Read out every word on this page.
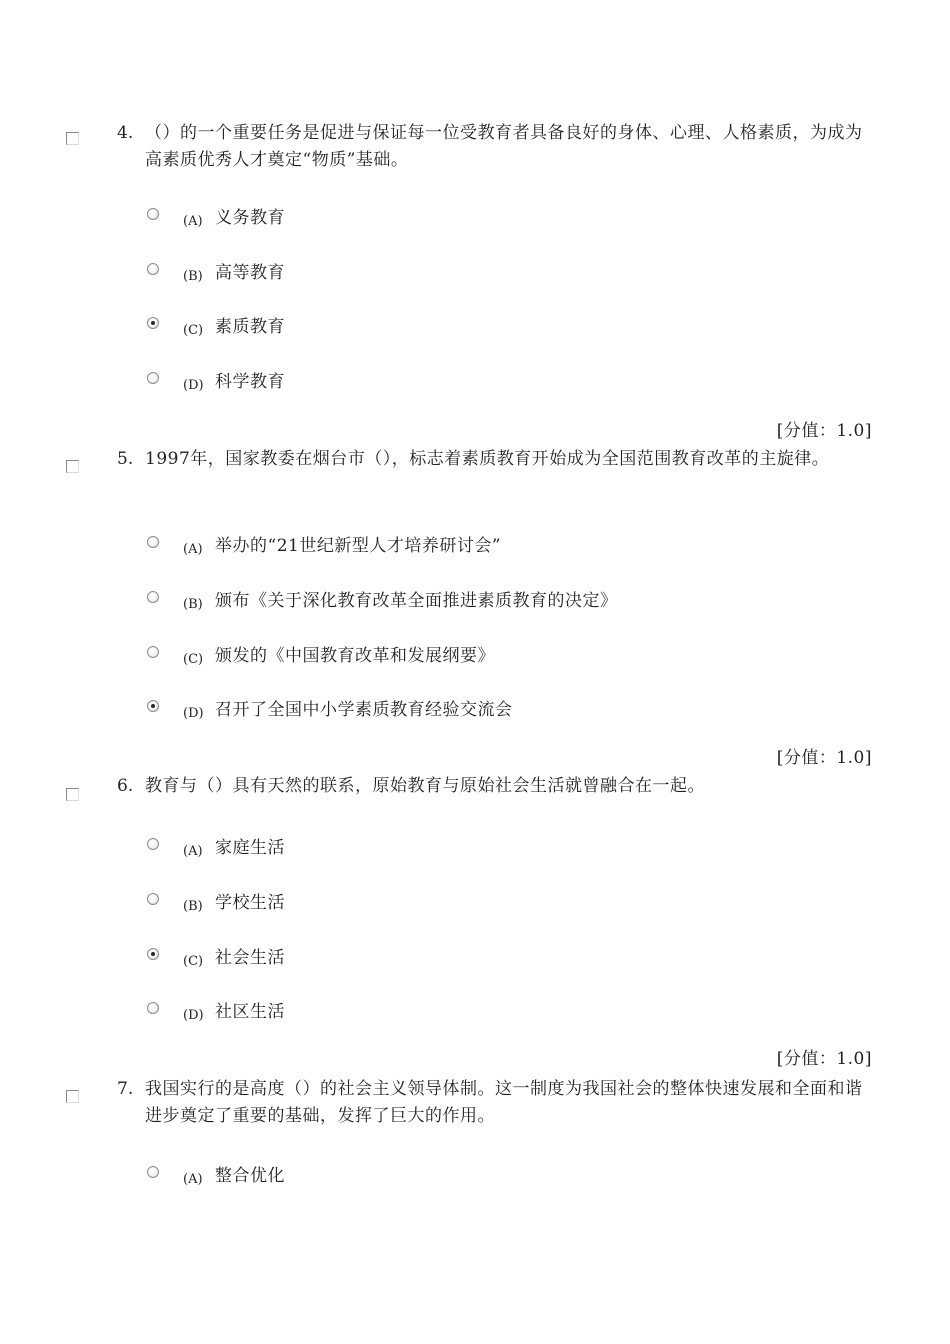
4. （）的一个重要任务是促进与保证每一位受教育者具备良好的身体、心理、人格素质，为成为高素质优秀人才奠定“物质”基础。
(A) 义务教育
(B) 高等教育
(C) 素质教育
(D) 科学教育
[分值：1.0]
5. 1997年，国家教委在烟台市（），标志着素质教育开始成为全国范围教育改革的主旋律。
(A) 举办的“21世纪新型人才培养研讨会”
(B) 颁布《关于深化教育改革全面推进素质教育的决定》
(C) 颁发的《中国教育改革和发展纲要》
(D) 召开了全国中小学素质教育经验交流会
[分值：1.0]
6. 教育与（）具有天然的联系，原始教育与原始社会生活就曾融合在一起。
(A) 家庭生活
(B) 学校生活
(C) 社会生活
(D) 社区生活
[分值：1.0]
7. 我国实行的是高度（）的社会主义领导体制。这一制度为我国社会的整体快速发展和全面和谐进步奠定了重要的基础，发挥了巨大的作用。
(A) 整合优化
